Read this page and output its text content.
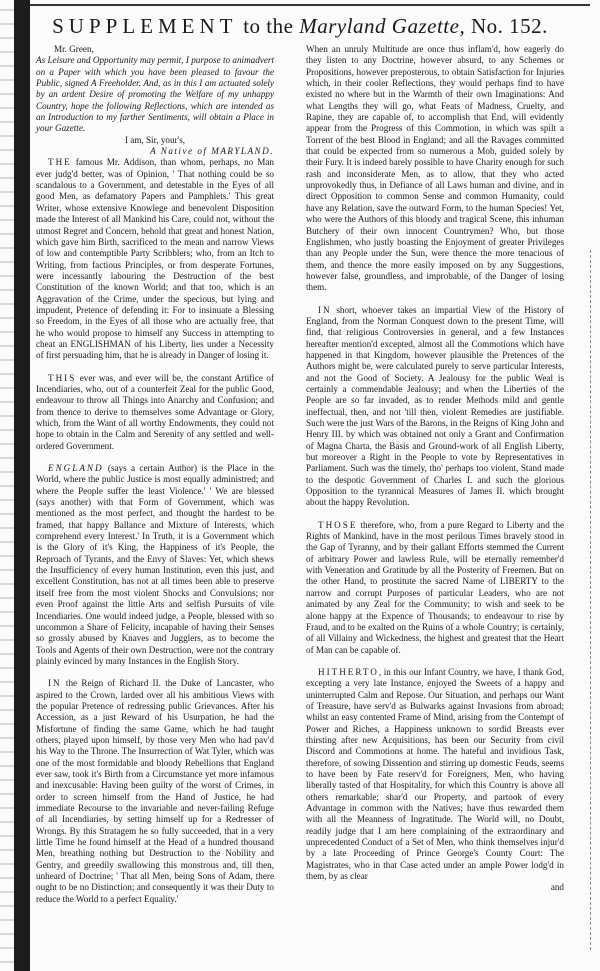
SUPPLEMENT to the Maryland Gazette, No. 152.

Mr. Green,

As Leisure and Opportunity may permit, I purpose to animadvert on a Paper with which you have been pleased to favour the Public, signed A Freeholder. And, as in this I am actuated solely by an ardent Desire of promoting the Welfare of my unhappy Country, hope the following Reflections, which are intended as an Introduction to my farther Sentiments, will obtain a Place in your Gazette.

I am, Sir, your's,

A Native of MARYLAND.

THE famous Mr. Addison, than whom, perhaps, no Man ever judg'd better, was of Opinion, ' That nothing could be so scandalous to a Government, and detestable in the Eyes of all good Men, as defamatory Papers and Pamphlets.' This great Writer, whose extensive Knowlege and benevolent Disposition made the Interest of all Mankind his Care, could not, without the utmost Regret and Concern, behold that great and honest Nation, which gave him Birth, sacrificed to the mean and narrow Views of low and contemptible Party Scribblers; who, from an Itch to Writing, from factious Principles, or from desperate Fortunes, were incessantly labouring the Destruction of the best Constitution of the known World; and that too, which is an Aggravation of the Crime, under the specious, but lying and impudent, Pretence of defending it: For to insinuate a Blessing so Freedom, in the Eyes of all those who are actually free, that he who would propose to himself any Success in attempting to cheat an ENGLISHMAN of his Liberty, lies under a Necessity of first persuading him, that he is already in Danger of losing it.

THIS ever was, and ever will be, the constant Artifice of Incendiaries, who, out of a counterfeit Zeal for the public Good, endeavour to throw all Things into Anarchy and Confusion; and from thence to derive to themselves some Advantage or Glory, which, from the Want of all worthy Endowments, they could not hope to obtain in the Calm and Serenity of any settled and well-ordered Government.

ENGLAND (says a certain Author) is the Place in the World, where the public Justice is most equally administred; and where the People suffer the least Violence.' ' We are blessed (says another) with that Form of Government, which was mentioned as the most perfect, and thought the hardest to be framed, that happy Ballance and Mixture of Interests, which comprehend every Interest.' In Truth, it is a Government which is the Glory of it's King, the Happiness of it's People, the Reproach of Tyrants, and the Envy of Slaves: Yet, which shews the Insufficiency of every human Institution, even this just, and excellent Constitution, has not at all times been able to preserve itself free from the most violent Shocks and Convulsions; nor even Proof against the little Arts and selfish Pursuits of vile Incendiaries. One would indeed judge, a People, blessed with so uncommon a Share of Felicity, incapable of having their Senses so grossly abused by Knaves and Jugglers, as to become the Tools and Agents of their own Destruction, were not the contrary plainly evinced by many Instances in the English Story.

IN the Reign of Richard II. the Duke of Lancaster, who aspired to the Crown, larded over all his ambitious Views with the popular Pretence of redressing public Grievances. After his Accession, as a just Reward of his Usurpation, he had the Misfortune of finding the same Game, which he had taught others, played upon himself, by those very Men who had pav'd his Way to the Throne. The Insurrection of Wat Tyler, which was one of the most formidable and bloody Rebellions that England ever saw, took it's Birth from a Circumstance yet more infamous and inexcusable: Having been guilty of the worst of Crimes, in order to screen himself from the Hand of Justice, he had immediate Recourse to the invariable and never-failing Refuge of all Incendiaries, by setting himself up for a Redresser of Wrongs. By this Stratagem he so fully succeeded, that in a very little Time he found himself at the Head of a hundred thousand Men, breathing nothing but Destruction to the Nobility and Gentry, and greedily swallowing this monstrous and, till then, unheard of Doctrine; ' That all Men, being Sons of Adam, there ought to be no Distinction; and consequently it was their Duty to reduce the World to a perfect Equality.'

When an unruly Multitude are once thus inflam'd, how eagerly do they listen to any Doctrine, however absurd, to any Schemes or Propositions, however preposterous, to obtain Satisfaction for Injuries which, in their cooler Reflections, they would perhaps find to have existed no where but in the Warmth of their own Imaginations: And what Lengths they will go, what Feats of Madness, Cruelty, and Rapine, they are capable of, to accomplish that End, will evidently appear from the Progress of this Commotion, in which was spilt a Torrent of the best Blood in England; and all the Ravages committed that could be expected from so numerous a Mob, guided solely by their Fury. It is indeed barely possible to have Charity enough for such rash and inconsiderate Men, as to allow, that they who acted unprovokedly thus, in Defiance of all Laws human and divine, and in direct Opposition to common Sense and common Humanity, could have any Relation, save the outward Form, to the human Species! Yet, who were the Authors of this bloody and tragical Scene, this inhuman Butchery of their own innocent Countrymen? Who, but those Englishmen, who justly boasting the Enjoyment of greater Privileges than any People under the Sun, were thence the more tenacious of them, and thence the more easily imposed on by any Suggestions, however false, groundless, and improbable, of the Danger of losing them.

IN short, whoever takes an impartial View of the History of England, from the Norman Conquest down to the present Time, will find, that religious Controversies in general, and a few Instances hereafter mention'd excepted, almost all the Commotions which have happened in that Kingdom, however plausible the Pretences of the Authors might be, were calculated purely to serve particular Interests, and not the Good of Society. A Jealousy for the public Weal is certainly a commendable Jealousy; and when the Liberties of the People are so far invaded, as to render Methods mild and gentle ineffectual, then, and not 'till then, violent Remedies are justifiable. Such were the just Wars of the Barons, in the Reigns of King John and Henry III. by which was obtained not only a Grant and Confirmation of Magna Charta, the Basis and Ground-work of all English Liberty, but moreover a Right in the People to vote by Representatives in Parliament. Such was the timely, tho' perhaps too violent, Stand made to the despotic Government of Charles I. and such the glorious Opposition to the tyrannical Measures of James II. which brought about the happy Revolution.

THOSE therefore, who, from a pure Regard to Liberty and the Rights of Mankind, have in the most perilous Times bravely stood in the Gap of Tyranny, and by their gallant Efforts stemmed the Current of arbitrary Power and lawless Rule, will be eternally remember'd with Veneration and Gratitude by all the Posterity of Freemen. But on the other Hand, to prostitute the sacred Name of LIBERTY to the narrow and corrupt Purposes of particular Leaders, who are not animated by any Zeal for the Community; to wish and seek to be alone happy at the Expence of Thousands; to endeavour to rise by Fraud, and to be exalted on the Ruins of a whole Country; is certainly, of all Villainy and Wickedness, the highest and greatest that the Heart of Man can be capable of.

HITHERTO, in this our Infant Country, we have, I thank God, excepting a very late Instance, enjoyed the Sweets of a happy and uninterrupted Calm and Repose. Our Situation, and perhaps our Want of Treasure, have serv'd as Bulwarks against Invasions from abroad; whilst an easy contented Frame of Mind, arising from the Contempt of Power and Riches, a Happiness unknown to sordid Breasts ever thirsting after new Acquisitions, has been our Security from civil Discord and Commotions at home. The hateful and invidious Task, therefore, of sowing Dissention and stirring up domestic Feuds, seems to have been by Fate reserv'd for Foreigners, Men, who having liberally tasted of that Hospitality, for which this Country is above all others remarkable; shar'd our Property, and partook of every Advantage in common with the Natives; have thus rewarded them with all the Meanness of Ingratitude. The World will, no Doubt, readily judge that I am here complaining of the extraordinary and unprecedented Conduct of a Set of Men, who think themselves injur'd by a late Proceeding of Prince George's County Court: The Magistrates, who in that Case acted under an ample Power lodg'd in them, by as clear

and
